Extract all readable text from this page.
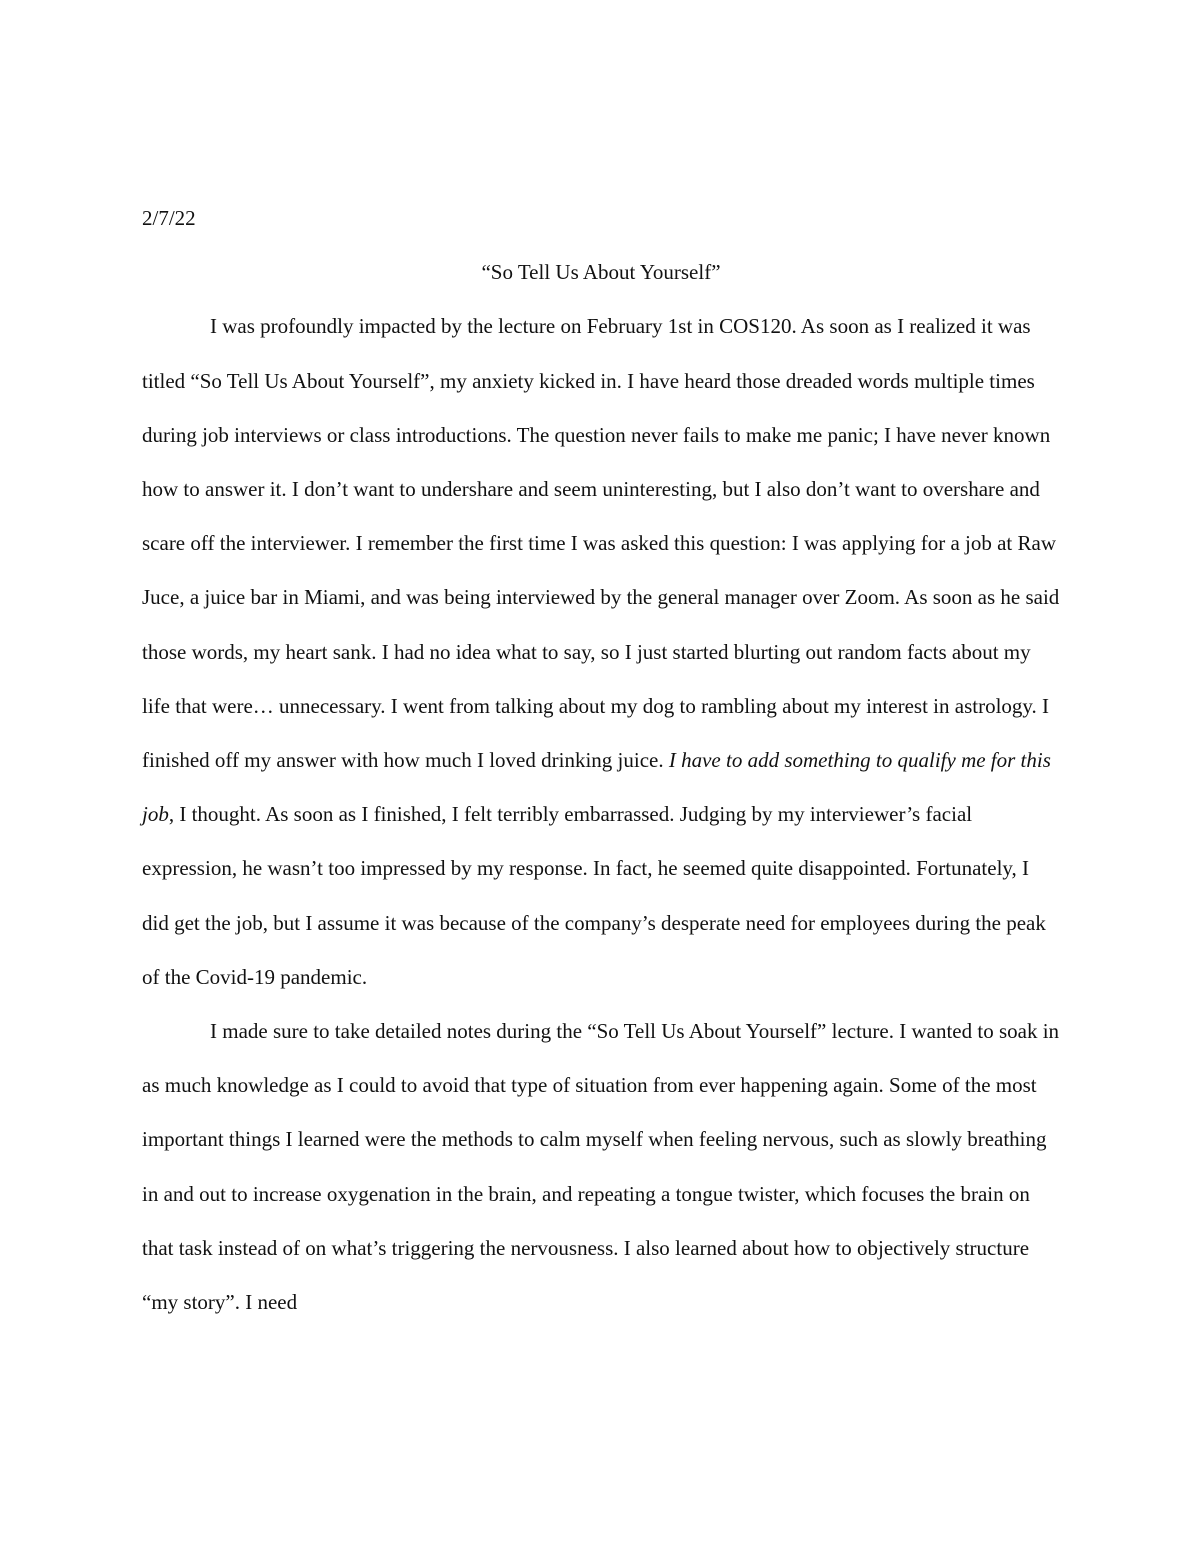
2/7/22

“So Tell Us About Yourself”

I was profoundly impacted by the lecture on February 1st in COS120. As soon as I realized it was titled “So Tell Us About Yourself”, my anxiety kicked in. I have heard those dreaded words multiple times during job interviews or class introductions. The question never fails to make me panic; I have never known how to answer it. I don’t want to undershare and seem uninteresting, but I also don’t want to overshare and scare off the interviewer. I remember the first time I was asked this question: I was applying for a job at Raw Juce, a juice bar in Miami, and was being interviewed by the general manager over Zoom. As soon as he said those words, my heart sank. I had no idea what to say, so I just started blurting out random facts about my life that were… unnecessary. I went from talking about my dog to rambling about my interest in astrology. I finished off my answer with how much I loved drinking juice. I have to add something to qualify me for this job, I thought. As soon as I finished, I felt terribly embarrassed. Judging by my interviewer’s facial expression, he wasn’t too impressed by my response. In fact, he seemed quite disappointed. Fortunately, I did get the job, but I assume it was because of the company’s desperate need for employees during the peak of the Covid-19 pandemic.

I made sure to take detailed notes during the “So Tell Us About Yourself” lecture. I wanted to soak in as much knowledge as I could to avoid that type of situation from ever happening again. Some of the most important things I learned were the methods to calm myself when feeling nervous, such as slowly breathing in and out to increase oxygenation in the brain, and repeating a tongue twister, which focuses the brain on that task instead of on what’s triggering the nervousness. I also learned about how to objectively structure “my story”. I need
